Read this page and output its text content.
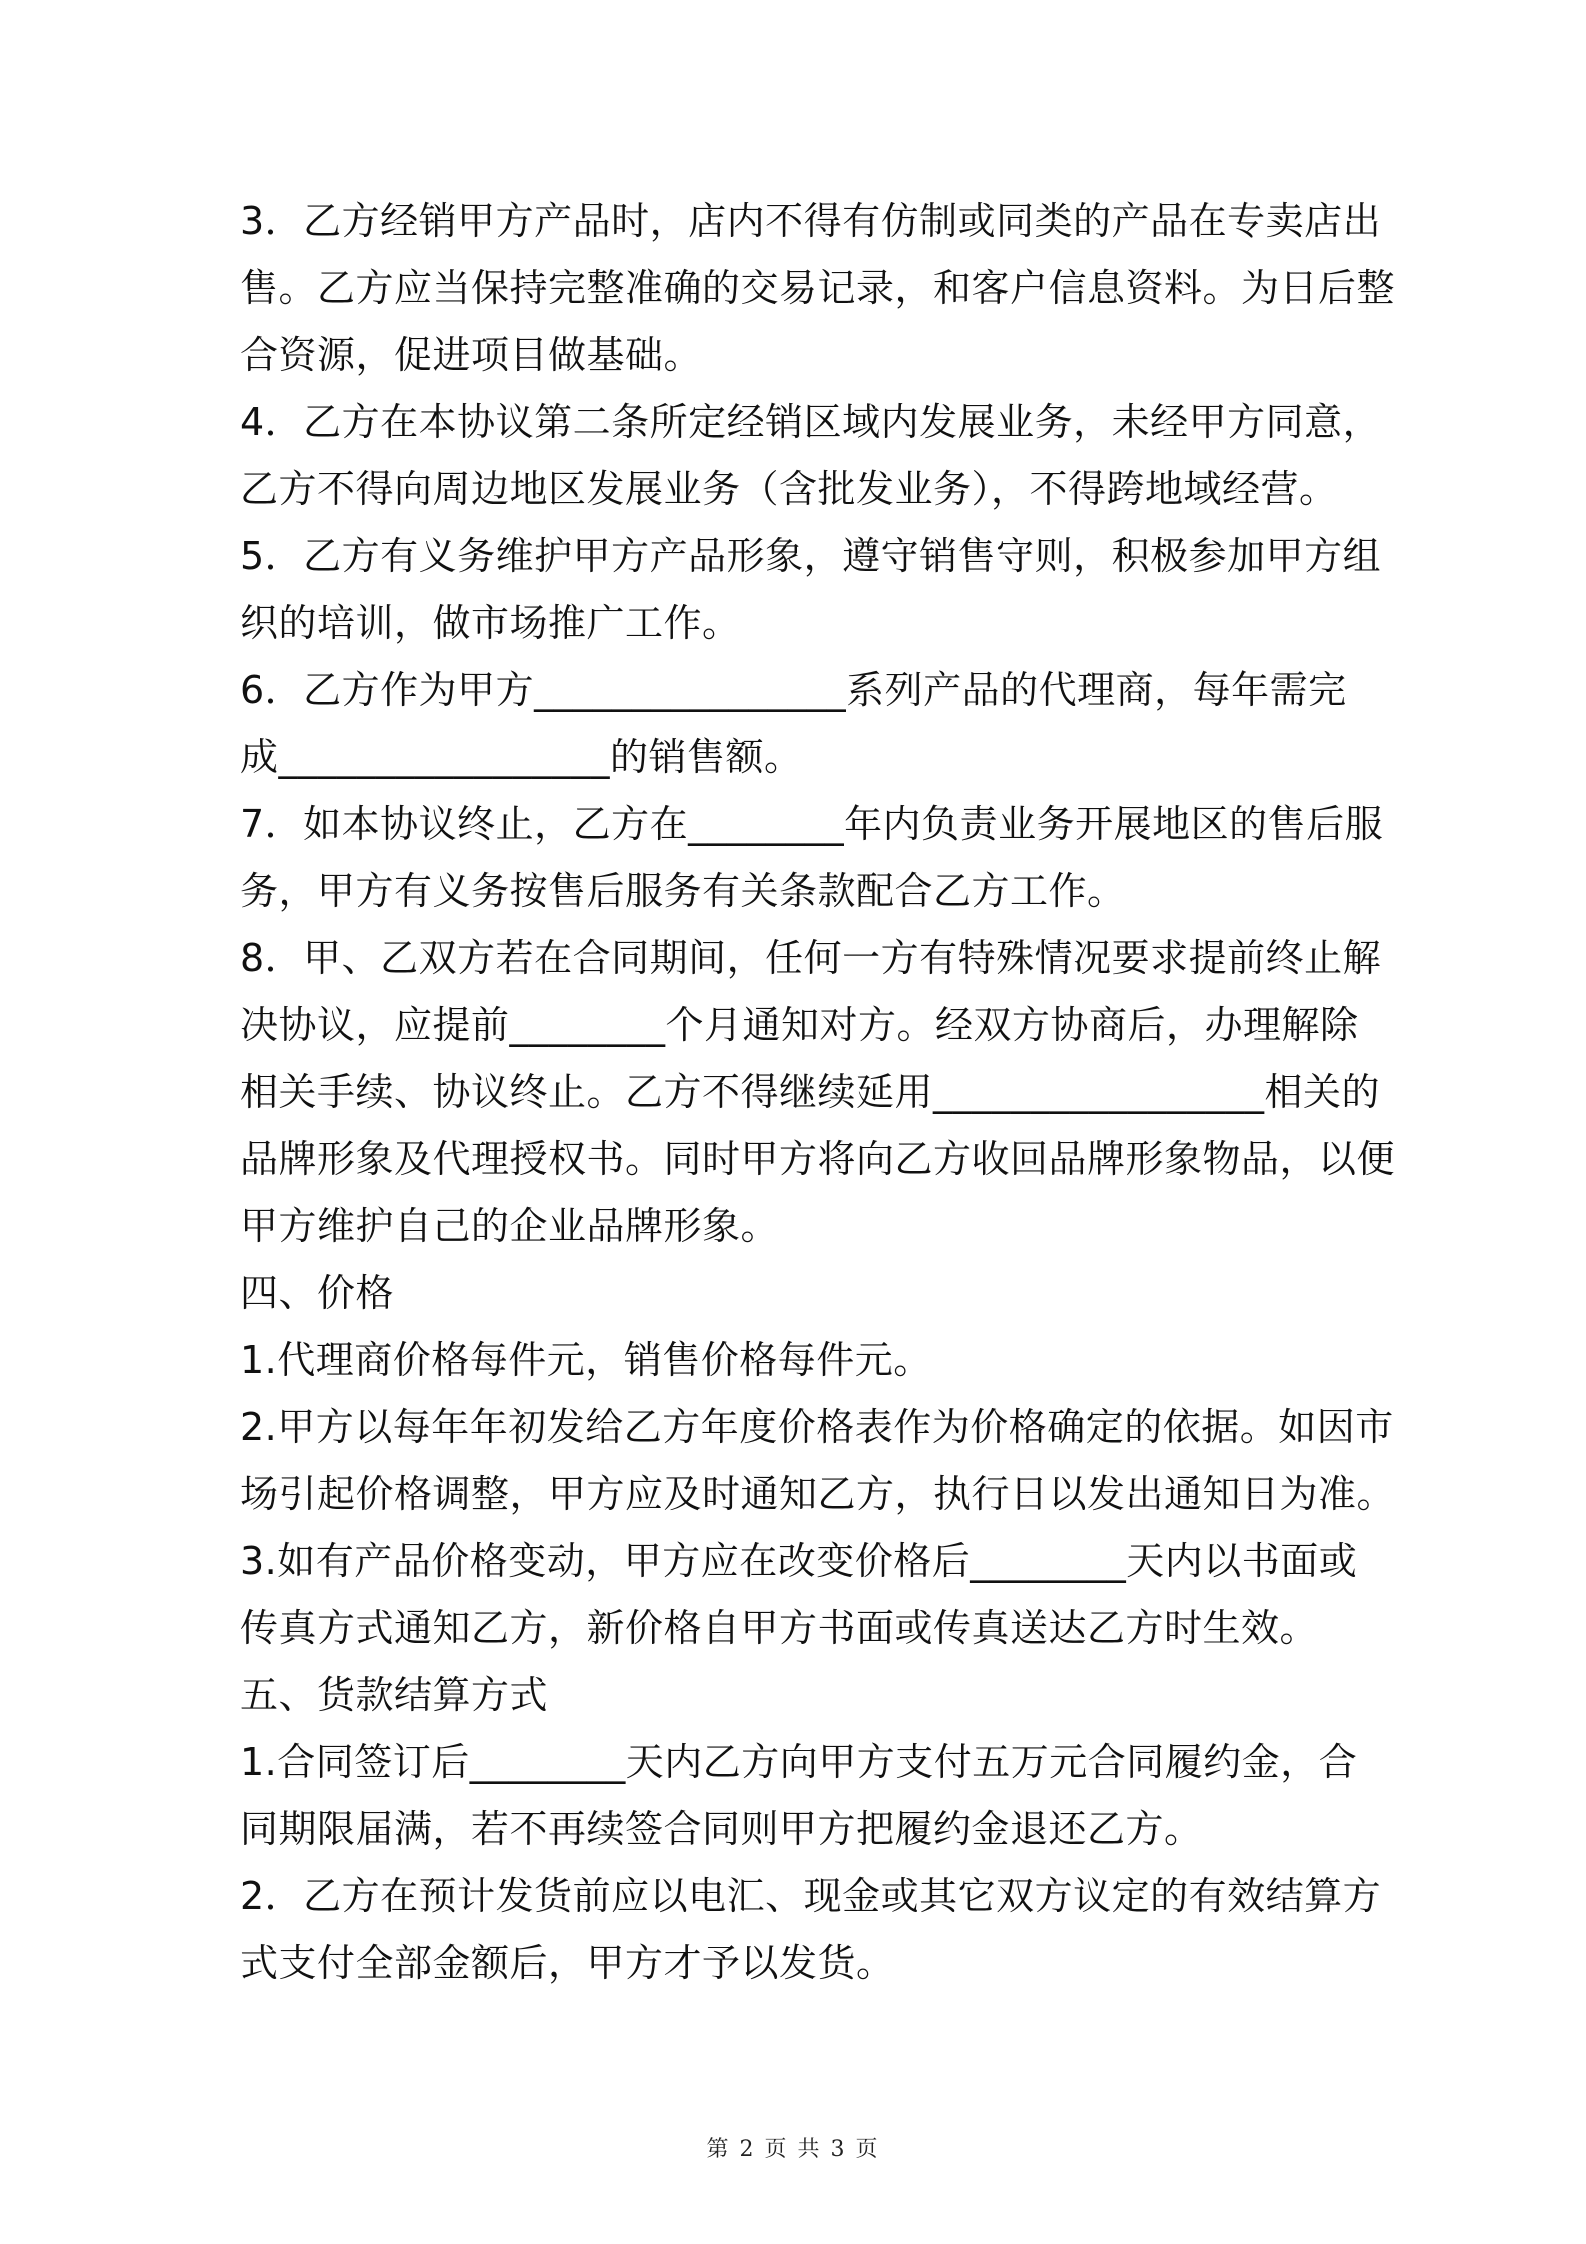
3．乙方经销甲方产品时，店内不得有仿制或同类的产品在专卖店出
售。乙方应当保持完整准确的交易记录，和客户信息资料。为日后整
合资源，促进项目做基础。
4．乙方在本协议第二条所定经销区域内发展业务，未经甲方同意，
乙方不得向周边地区发展业务（含批发业务），不得跨地域经营。
5．乙方有义务维护甲方产品形象，遵守销售守则，积极参加甲方组
织的培训，做市场推广工作。
6．乙方作为甲方________________系列产品的代理商，每年需完
成_________________的销售额。
7．如本协议终止，乙方在________年内负责业务开展地区的售后服
务，甲方有义务按售后服务有关条款配合乙方工作。
8．甲、乙双方若在合同期间，任何一方有特殊情况要求提前终止解
决协议，应提前________个月通知对方。经双方协商后，办理解除
相关手续、协议终止。乙方不得继续延用_________________相关的
品牌形象及代理授权书。同时甲方将向乙方收回品牌形象物品，以便
甲方维护自己的企业品牌形象。
四、价格
1.代理商价格每件元，销售价格每件元。
2.甲方以每年年初发给乙方年度价格表作为价格确定的依据。如因市
场引起价格调整，甲方应及时通知乙方，执行日以发出通知日为准。
3.如有产品价格变动，甲方应在改变价格后________天内以书面或
传真方式通知乙方，新价格自甲方书面或传真送达乙方时生效。
五、货款结算方式
1.合同签订后________天内乙方向甲方支付五万元合同履约金，合
同期限届满，若不再续签合同则甲方把履约金退还乙方。
2．乙方在预计发货前应以电汇、现金或其它双方议定的有效结算方
式支付全部金额后，甲方才予以发货。
第 2 页 共 3 页
